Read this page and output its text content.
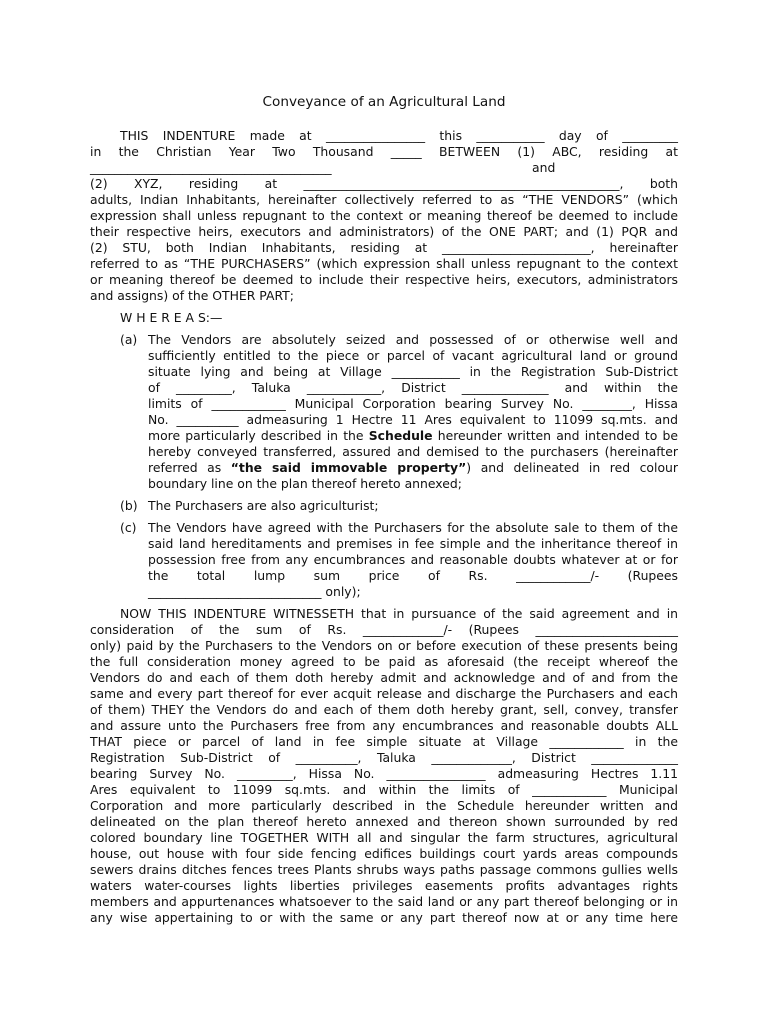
Conveyance of an Agricultural Land
THIS INDENTURE made at ________________ this ___________ day of _________
in the Christian Year Two Thousand _____ BETWEEN (1) ABC, residing at
_______________________________________	and
(2) XYZ, residing at ___________________________________________________, both
adults, Indian Inhabitants, hereinafter collectively referred to as “THE VENDORS” (which
expression shall unless repugnant to the context or meaning thereof be deemed to include
their respective heirs, executors and administrators) of the ONE PART; and (1) PQR and
(2) STU, both Indian Inhabitants, residing at ________________________, hereinafter
referred to as “THE PURCHASERS” (which expression shall unless repugnant to the context
or meaning thereof be deemed to include their respective heirs, executors, administrators
and assigns) of the OTHER PART;
W H E R E A S:—
(a) The Vendors are absolutely seized and possessed of or otherwise well and
sufficiently entitled to the piece or parcel of vacant agricultural land or ground
situate lying and being at Village ___________ in the Registration Sub-District
of _________, Taluka ____________, District ______________ and within the
limits of ____________ Municipal Corporation bearing Survey No. ________, Hissa
No. __________ admeasuring 1 Hectre 11 Ares equivalent to 11099 sq.mts. and
more particularly described in the Schedule hereunder written and intended to be
hereby conveyed transferred, assured and demised to the purchasers (hereinafter
referred as “the said immovable property”) and delineated in red colour
boundary line on the plan thereof hereto annexed;
(b) The Purchasers are also agriculturist;
(c) The Vendors have agreed with the Purchasers for the absolute sale to them of the
said land hereditaments and premises in fee simple and the inheritance thereof in
possession free from any encumbrances and reasonable doubts whatever at or for
the total lump sum price of Rs. ____________/- (Rupees
____________________________ only);
NOW THIS INDENTURE WITNESSETH that in pursuance of the said agreement and in
consideration of the sum of Rs. _____________/- (Rupees _______________________
only) paid by the Purchasers to the Vendors on or before execution of these presents being
the full consideration money agreed to be paid as aforesaid (the receipt whereof the
Vendors do and each of them doth hereby admit and acknowledge and of and from the
same and every part thereof for ever acquit release and discharge the Purchasers and each
of them) THEY the Vendors do and each of them doth hereby grant, sell, convey, transfer
and assure unto the Purchasers free from any encumbrances and reasonable doubts ALL
THAT piece or parcel of land in fee simple situate at Village ____________ in the
Registration Sub-District of __________, Taluka _____________, District ______________
bearing Survey No. _________, Hissa No. ________________ admeasuring Hectres 1.11
Ares equivalent to 11099 sq.mts. and within the limits of ____________ Municipal
Corporation and more particularly described in the Schedule hereunder written and
delineated on the plan thereof hereto annexed and thereon shown surrounded by red
colored boundary line TOGETHER WITH all and singular the farm structures, agricultural
house, out house with four side fencing edifices buildings court yards areas compounds
sewers drains ditches fences trees Plants shrubs ways paths passage commons gullies wells
waters water-courses lights liberties privileges easements profits advantages rights
members and appurtenances whatsoever to the said land or any part thereof belonging or in
any wise appertaining to or with the same or any part thereof now at or any time here
